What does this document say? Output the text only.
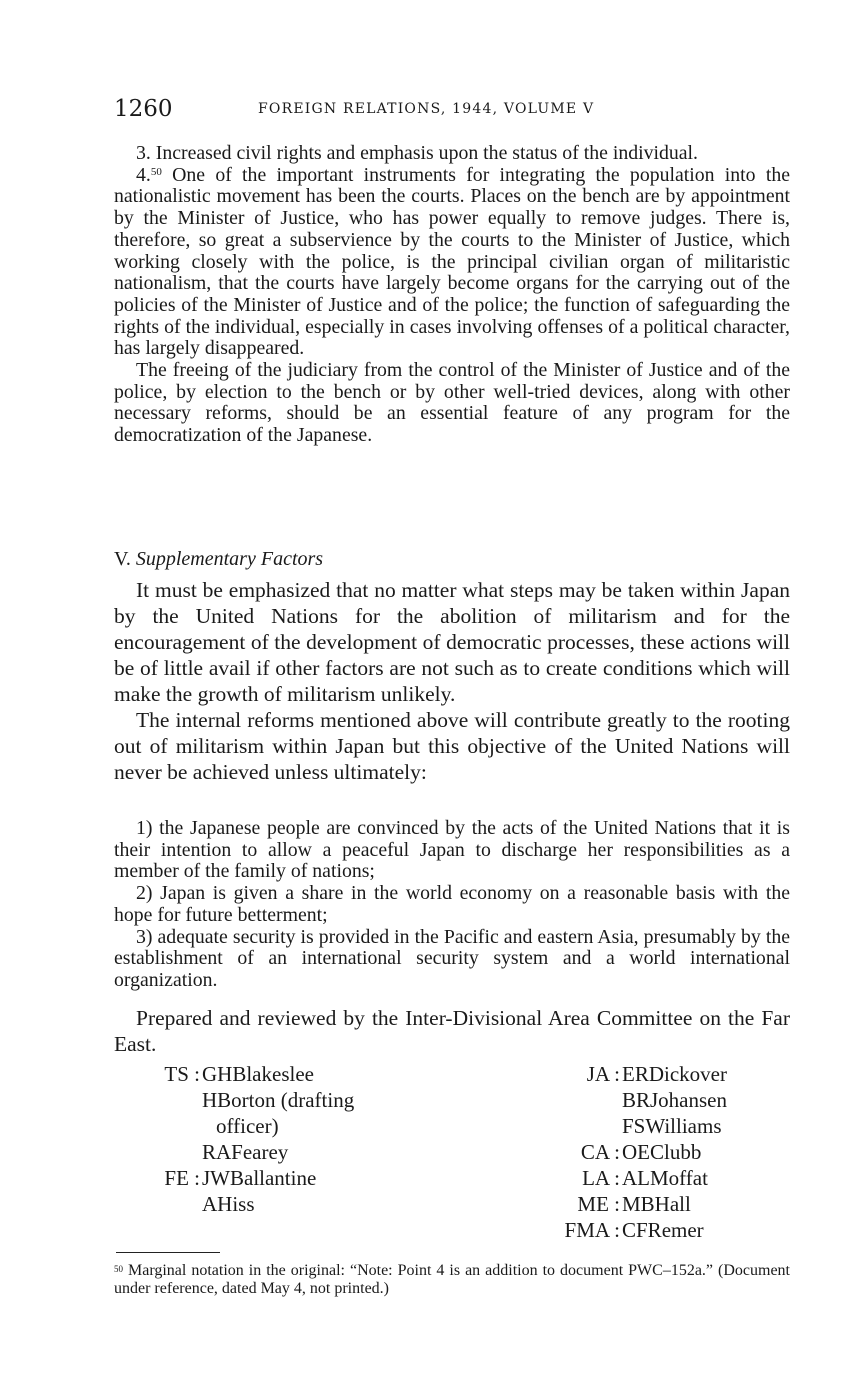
1260	FOREIGN RELATIONS, 1944, VOLUME V

3. Increased civil rights and emphasis upon the status of the individual.

4.50 One of the important instruments for integrating the population into the nationalistic movement has been the courts. Places on the bench are by appointment by the Minister of Justice, who has power equally to remove judges. There is, therefore, so great a subservience by the courts to the Minister of Justice, which working closely with the police, is the principal civilian organ of militaristic nationalism, that the courts have largely become organs for the carrying out of the policies of the Minister of Justice and of the police; the function of safeguarding the rights of the individual, especially in cases involving offenses of a political character, has largely disappeared.

The freeing of the judiciary from the control of the Minister of Justice and of the police, by election to the bench or by other well-tried devices, along with other necessary reforms, should be an essential feature of any program for the democratization of the Japanese.

V. Supplementary Factors

It must be emphasized that no matter what steps may be taken within Japan by the United Nations for the abolition of militarism and for the encouragement of the development of democratic processes, these actions will be of little avail if other factors are not such as to create conditions which will make the growth of militarism unlikely.

The internal reforms mentioned above will contribute greatly to the rooting out of militarism within Japan but this objective of the United Nations will never be achieved unless ultimately:

1) the Japanese people are convinced by the acts of the United Nations that it is their intention to allow a peaceful Japan to discharge her responsibilities as a member of the family of nations;

2) Japan is given a share in the world economy on a reasonable basis with the hope for future betterment;

3) adequate security is provided in the Pacific and eastern Asia, presumably by the establishment of an international security system and a world international organization.

Prepared and reviewed by the Inter-Divisional Area Committee on the Far East.

TS : GHBlakeslee
HBorton (drafting
officer)
RAFearey
FE : JWBallantine
AHiss
JA : ERDickover
BRJohansen
FSWilliams
CA : OEClubb
LA : ALMoffat
ME : MBHall
FMA : CFRemer

$^{50}$ Marginal notation in the original: “Note: Point 4 is an addition to document PWC–152a.” (Document under reference, dated May 4, not printed.)
